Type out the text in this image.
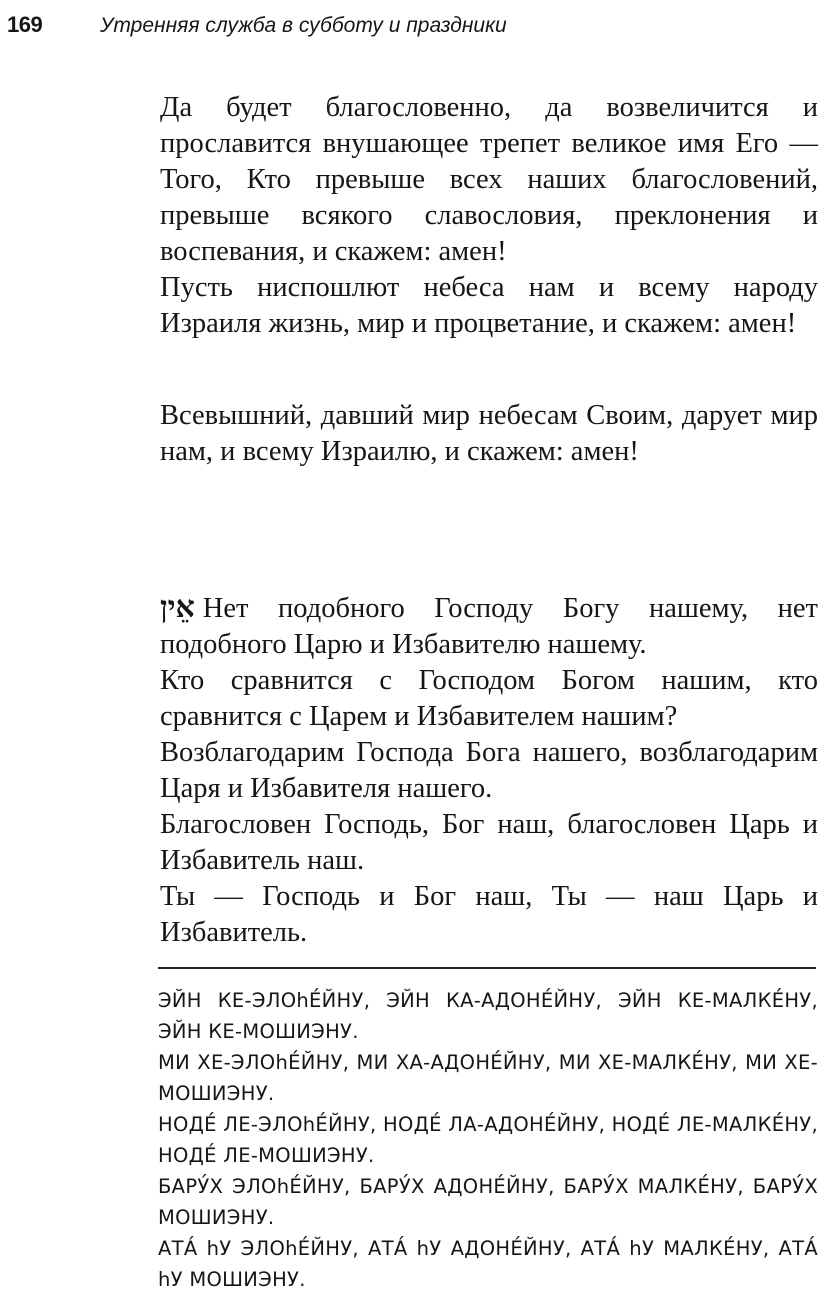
169	Утренняя служба в субботу и праздники

Да будет благословенно, да возвеличится и прославится внушающее трепет великое имя Его — Того, Кто превыше всех наших благословений, превыше всякого славословия, преклонения и воспевания, и скажем: амен!

Пусть ниспошлют небеса нам и всему народу Израиля жизнь, мир и процветание, и скажем: амен!

Всевышний, давший мир небесам Своим, дарует мир нам, и всему Израилю, и скажем: амен!

אֵין Нет подобного Господу Богу нашему, нет подобного Царю и Избавителю нашему.

Кто сравнится с Господом Богом нашим, кто сравнится с Царем и Избавителем нашим?

Возблагодарим Господа Бога нашего, возблагодарим Царя и Избавителя нашего.

Благословен Господь, Бог наш, благословен Царь и Избавитель наш.

Ты — Господь и Бог наш, Ты — наш Царь и Избавитель.

ЭЙН КЕ-ЭЛОhЕ́ЙНУ, ЭЙН КА-АДОНЕ́ЙНУ, ЭЙН КЕ-МАЛКЕ́НУ, ЭЙН КЕ-МОШИЭНУ.

МИ ХЕ-ЭЛОhЕ́ЙНУ, МИ ХА-АДОНЕ́ЙНУ, МИ ХЕ-МАЛКЕ́НУ, МИ ХЕ-МОШИЭНУ.

НОДЕ́ ЛЕ-ЭЛОhЕ́ЙНУ, НОДЕ́ ЛА-АДОНЕ́ЙНУ, НОДЕ́ ЛЕ-МАЛКЕ́НУ, НОДЕ́ ЛЕ-МОШИЭНУ.

БАРУ́Х ЭЛОhЕ́ЙНУ, БАРУ́Х АДОНЕ́ЙНУ, БАРУ́Х МАЛКЕ́НУ, БАРУ́Х МОШИЭНУ.

АТА́ hУ ЭЛОhЕ́ЙНУ, АТА́ hУ АДОНЕ́ЙНУ, АТА́ hУ МАЛКЕ́НУ, АТА́ hУ МОШИЭНУ.
